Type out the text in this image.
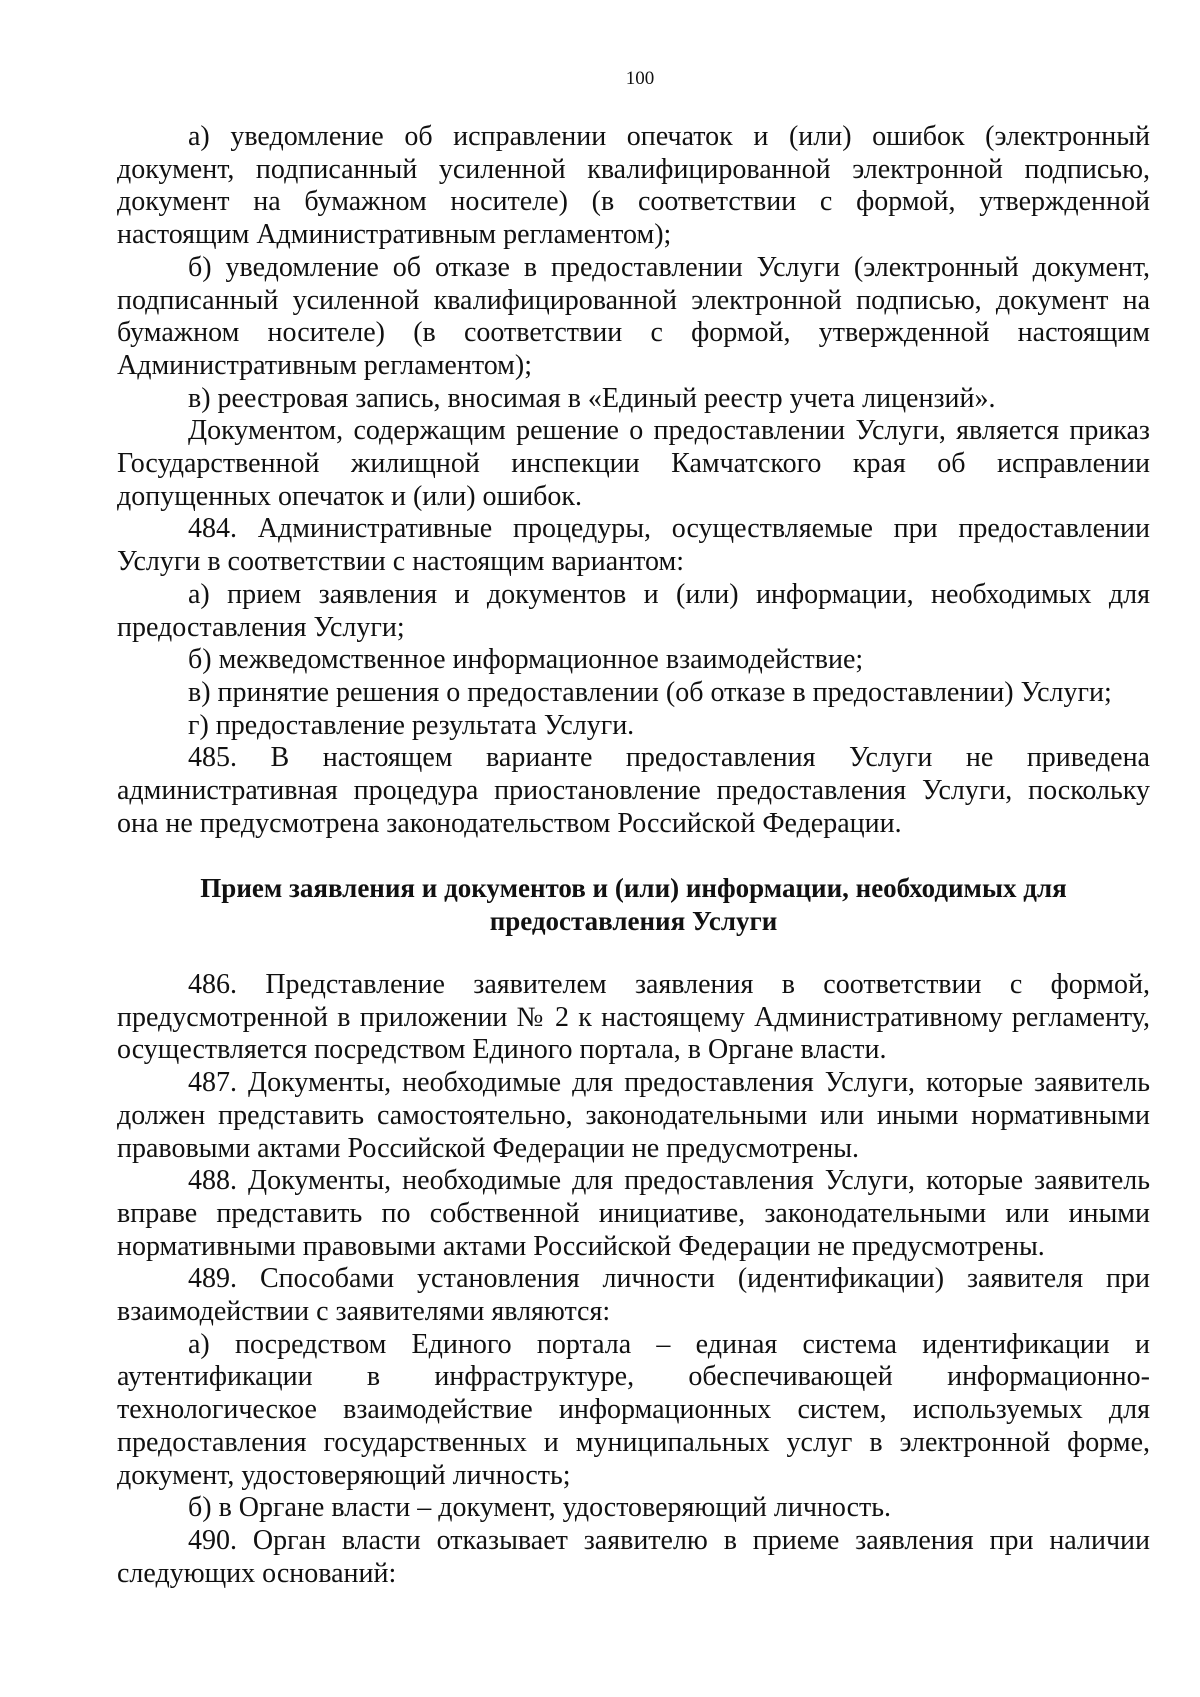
100

а) уведомление об исправлении опечаток и (или) ошибок (электронный документ, подписанный усиленной квалифицированной электронной подписью, документ на бумажном носителе) (в соответствии с формой, утвержденной настоящим Административным регламентом);

б) уведомление об отказе в предоставлении Услуги (электронный документ, подписанный усиленной квалифицированной электронной подписью, документ на бумажном носителе) (в соответствии с формой, утвержденной настоящим Административным регламентом);

в) реестровая запись, вносимая в «Единый реестр учета лицензий».

Документом, содержащим решение о предоставлении Услуги, является приказ Государственной жилищной инспекции Камчатского края об исправлении допущенных опечаток и (или) ошибок.

484. Административные процедуры, осуществляемые при предоставлении Услуги в соответствии с настоящим вариантом:

а) прием заявления и документов и (или) информации, необходимых для предоставления Услуги;

б) межведомственное информационное взаимодействие;

в) принятие решения о предоставлении (об отказе в предоставлении) Услуги;

г) предоставление результата Услуги.

485. В настоящем варианте предоставления Услуги не приведена административная процедура приостановление предоставления Услуги, поскольку она не предусмотрена законодательством Российской Федерации.

Прием заявления и документов и (или) информации, необходимых для
предоставления Услуги

486. Представление заявителем заявления в соответствии с формой, предусмотренной в приложении № 2 к настоящему Административному регламенту, осуществляется посредством Единого портала, в Органе власти.

487. Документы, необходимые для предоставления Услуги, которые заявитель должен представить самостоятельно, законодательными или иными нормативными правовыми актами Российской Федерации не предусмотрены.

488. Документы, необходимые для предоставления Услуги, которые заявитель вправе представить по собственной инициативе, законодательными или иными нормативными правовыми актами Российской Федерации не предусмотрены.

489. Способами установления личности (идентификации) заявителя при взаимодействии с заявителями являются:

а) посредством Единого портала – единая система идентификации и аутентификации в инфраструктуре, обеспечивающей информационно-технологическое взаимодействие информационных систем, используемых для предоставления государственных и муниципальных услуг в электронной форме, документ, удостоверяющий личность;

б) в Органе власти – документ, удостоверяющий личность.

490. Орган власти отказывает заявителю в приеме заявления при наличии следующих оснований:
